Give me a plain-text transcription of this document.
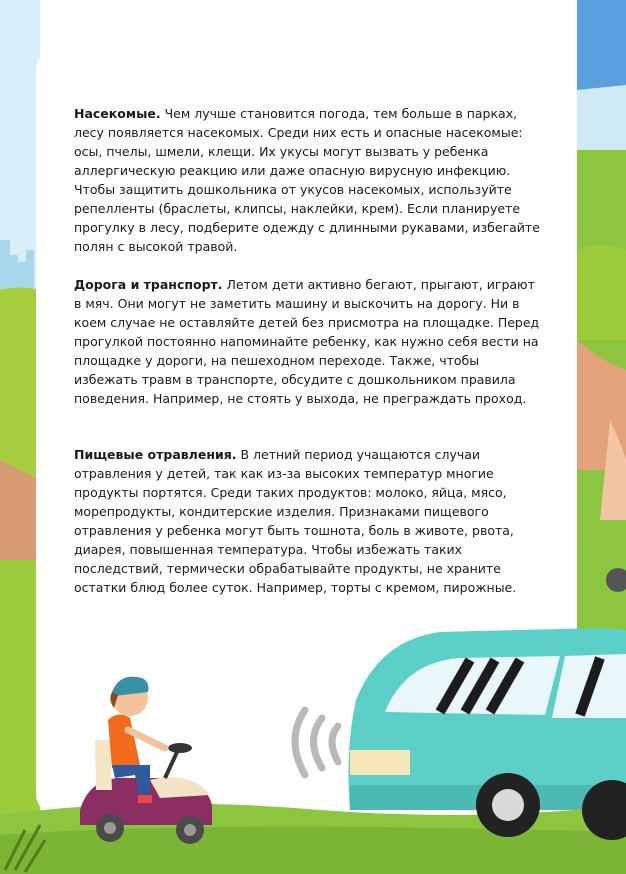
Насекомые. Чем лучше становится погода, тем больше в парках, лесу появляется насекомых. Среди них есть и опасные насекомые: осы, пчелы, шмели, клещи. Их укусы могут вызвать у ребенка аллергическую реакцию или даже опасную вирусную инфекцию. Чтобы защитить дошкольника от укусов насекомых, используйте репелленты (браслеты, клипсы, наклейки, крем). Если планируете прогулку в лесу, подберите одежду с длинными рукавами, избегайте полян с высокой травой.
Дорога и транспорт. Летом дети активно бегают, прыгают, играют в мяч. Они могут не заметить машину и выскочить на дорогу. Ни в коем случае не оставляйте детей без присмотра на площадке. Перед прогулкой постоянно напоминайте ребенку, как нужно себя вести на площадке у дороги, на пешеходном переходе. Также, чтобы избежать травм в транспорте, обсудите с дошкольником правила поведения. Например, не стоять у выхода, не преграждать проход.
Пищевые отравления. В летний период учащаются случаи отравления у детей, так как из-за высоких температур многие продукты портятся. Среди таких продуктов: молоко, яйца, мясо, морепродукты, кондитерские изделия. Признаками пищевого отравления у ребенка могут быть тошнота, боль в животе, рвота, диарея, повышенная температура. Чтобы избежать таких последствий, термически обрабатывайте продукты, не храните остатки блюд более суток. Например, торты с кремом, пирожные.
